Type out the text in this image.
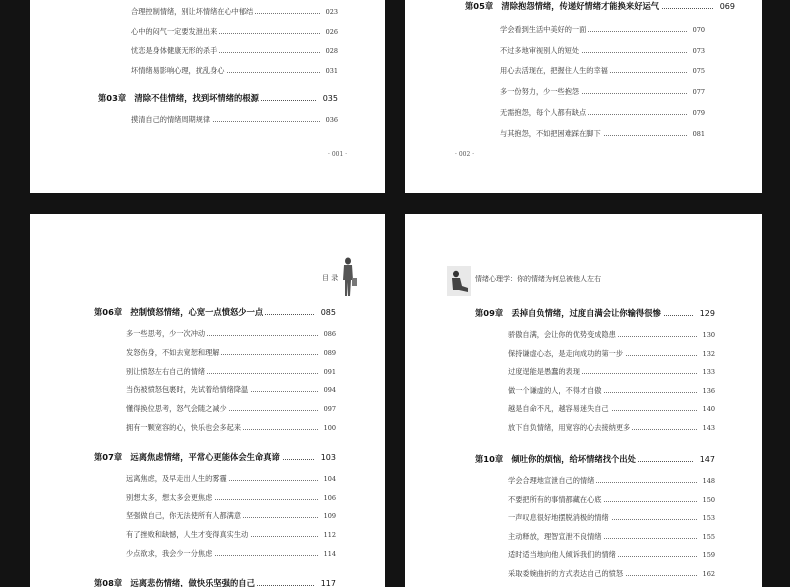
合理控制情绪，别让坏情绪在心中郁结	023
心中的闷气一定要发泄出来	026
忧恋是身体健康无形的杀手	028
坏情绪易影响心理，扰乱身心	031
第03章　清除不佳情绪，找到坏情绪的根源	035
摸清自己的情绪周期规律	036
· 001 ·
第05章　清除抱怨情绪，传递好情绪才能换来好运气	069
学会看到生活中美好的一面	070
不过多地审视别人的短处	073
用心去活现在，把握住人生的幸福	075
多一份努力，少一些抱怨	077
无需抱怨，每个人都有缺点	079
与其抱怨，不如把困难踩在脚下	081
· 002 ·
目 录
第06章　控制愤怒情绪，心宽一点愤怒少一点	085
多一些思考，少一次冲动	086
发怒伤身，不如去宽恕和理解	089
别让愤怒左右自己的情绪	091
当伤被愤怒包裹时，先试着给情绪降温	094
懂得换位思考，怒气会随之减少	097
拥有一颗宽容的心，快乐也会多起来	100
第07章　远离焦虑情绪，平常心更能体会生命真谛	103
远离焦虑，及早走出人生的雾霾	104
别想太多，想太多会更焦虑	106
坚强做自己，你无法使所有人都满意	109
有了挫败和缺憾，人生才变得真实生动	112
少点欲求，我会少一分焦虑	114
第08章　远离悲伤情绪，做快乐坚强的自己	117
情绪心理学：你的情绪为何总被他人左右
第09章　丢掉自负情绪，过度自满会让你输得很惨	129
骄傲自满，会让你的优势变成隐患	130
保持谦虚心态，是走向成功的第一步	132
过度逞能是愚蠢的表现	133
做一个谦虚的人，不得才自傲	136
越是自命不凡，越容易迷失自己	140
放下自负情绪，用宽容的心去接纳更多	143
第10章　倾吐你的烦恼，给坏情绪找个出处	147
学会合理地宣泄自己的情绪	148
不要把所有的事情都藏在心底	150
一声叹息很好地摆脱消极的情绪	153
主动释放，理智宣泄不良情绪	155
适时适当地向他人倾诉我们的情绪	159
采取委婉曲折的方式表达自己的愤怒	162
